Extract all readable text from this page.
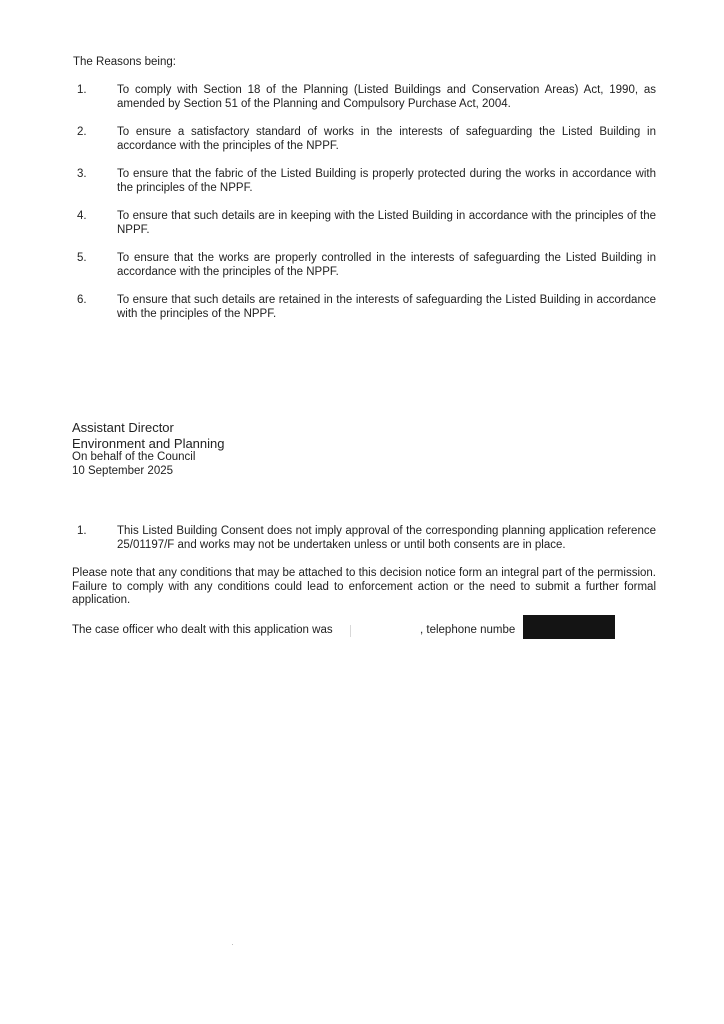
The Reasons being:

1.	To comply with Section 18 of the Planning (Listed Buildings and Conservation Areas) Act, 1990, as amended by Section 51 of the Planning and Compulsory Purchase Act, 2004.
2.	To ensure a satisfactory standard of works in the interests of safeguarding the Listed Building in accordance with the principles of the NPPF.
3.	To ensure that the fabric of the Listed Building is properly protected during the works in accordance with the principles of the NPPF.
4.	To ensure that such details are in keeping with the Listed Building in accordance with the principles of the NPPF.
5.	To ensure that the works are properly controlled in the interests of safeguarding the Listed Building in accordance with the principles of the NPPF.
6.	To ensure that such details are retained in the interests of safeguarding the Listed Building in accordance with the principles of the NPPF.
Assistant Director
Environment and Planning
On behalf of the Council
10 September 2025
1.	This Listed Building Consent does not imply approval of the corresponding planning application reference 25/01197/F and works may not be undertaken unless or until both consents are in place.

Please note that any conditions that may be attached to this decision notice form an integral part of the permission. Failure to comply with any conditions could lead to enforcement action or the need to submit a further formal application.

The case officer who dealt with this application was	, telephone numbe
